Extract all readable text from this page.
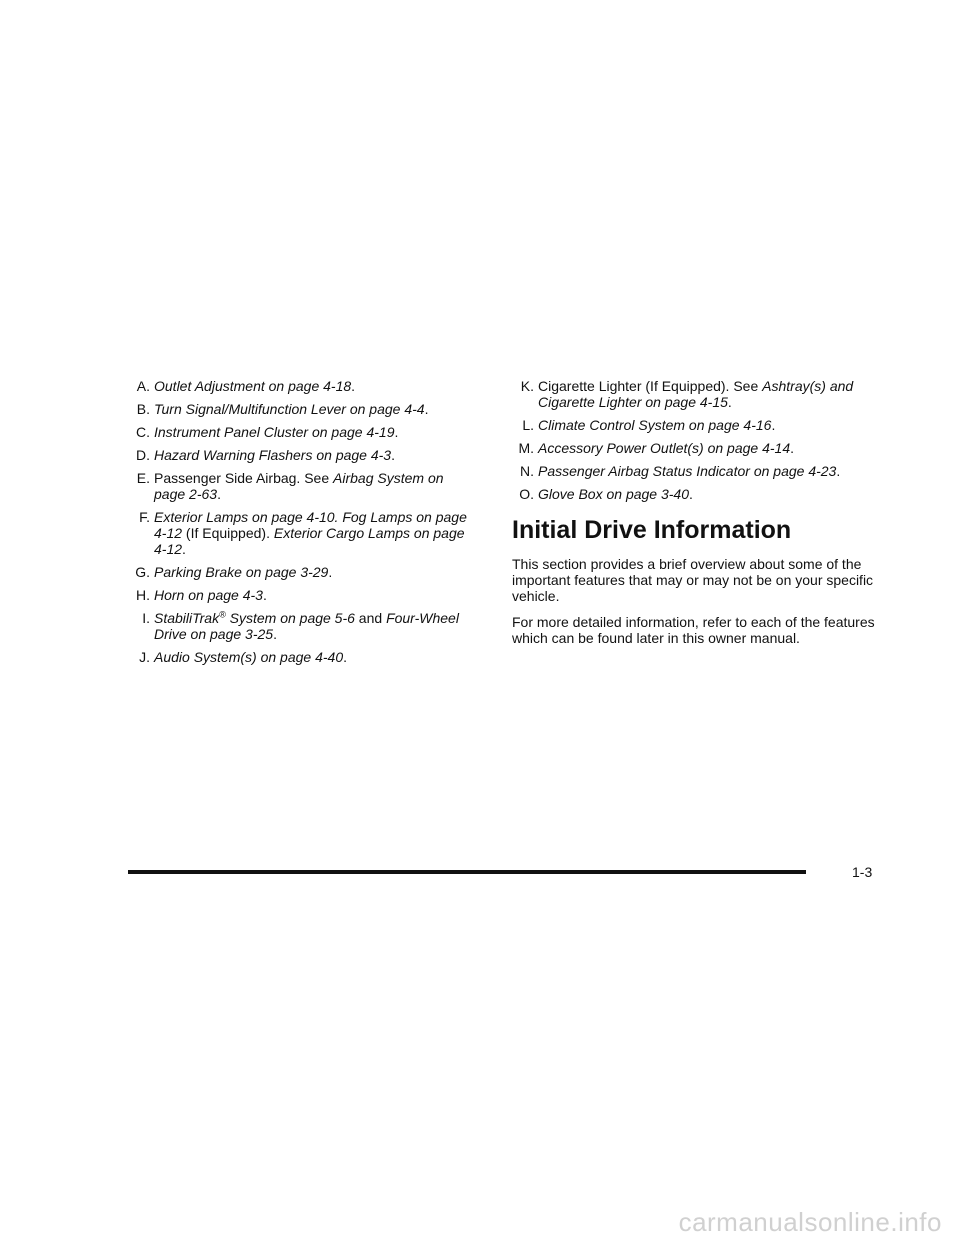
A. Outlet Adjustment on page 4-18.
B. Turn Signal/Multifunction Lever on page 4-4.
C. Instrument Panel Cluster on page 4-19.
D. Hazard Warning Flashers on page 4-3.
E. Passenger Side Airbag. See Airbag System on page 2-63.
F. Exterior Lamps on page 4-10. Fog Lamps on page 4-12 (If Equipped). Exterior Cargo Lamps on page 4-12.
G. Parking Brake on page 3-29.
H. Horn on page 4-3.
I. StabiliTrak® System on page 5-6 and Four-Wheel Drive on page 3-25.
J. Audio System(s) on page 4-40.
K. Cigarette Lighter (If Equipped). See Ashtray(s) and Cigarette Lighter on page 4-15.
L. Climate Control System on page 4-16.
M. Accessory Power Outlet(s) on page 4-14.
N. Passenger Airbag Status Indicator on page 4-23.
O. Glove Box on page 3-40.
Initial Drive Information

This section provides a brief overview about some of the important features that may or may not be on your specific vehicle.

For more detailed information, refer to each of the features which can be found later in this owner manual.

1-3
carmanualsonline.info
